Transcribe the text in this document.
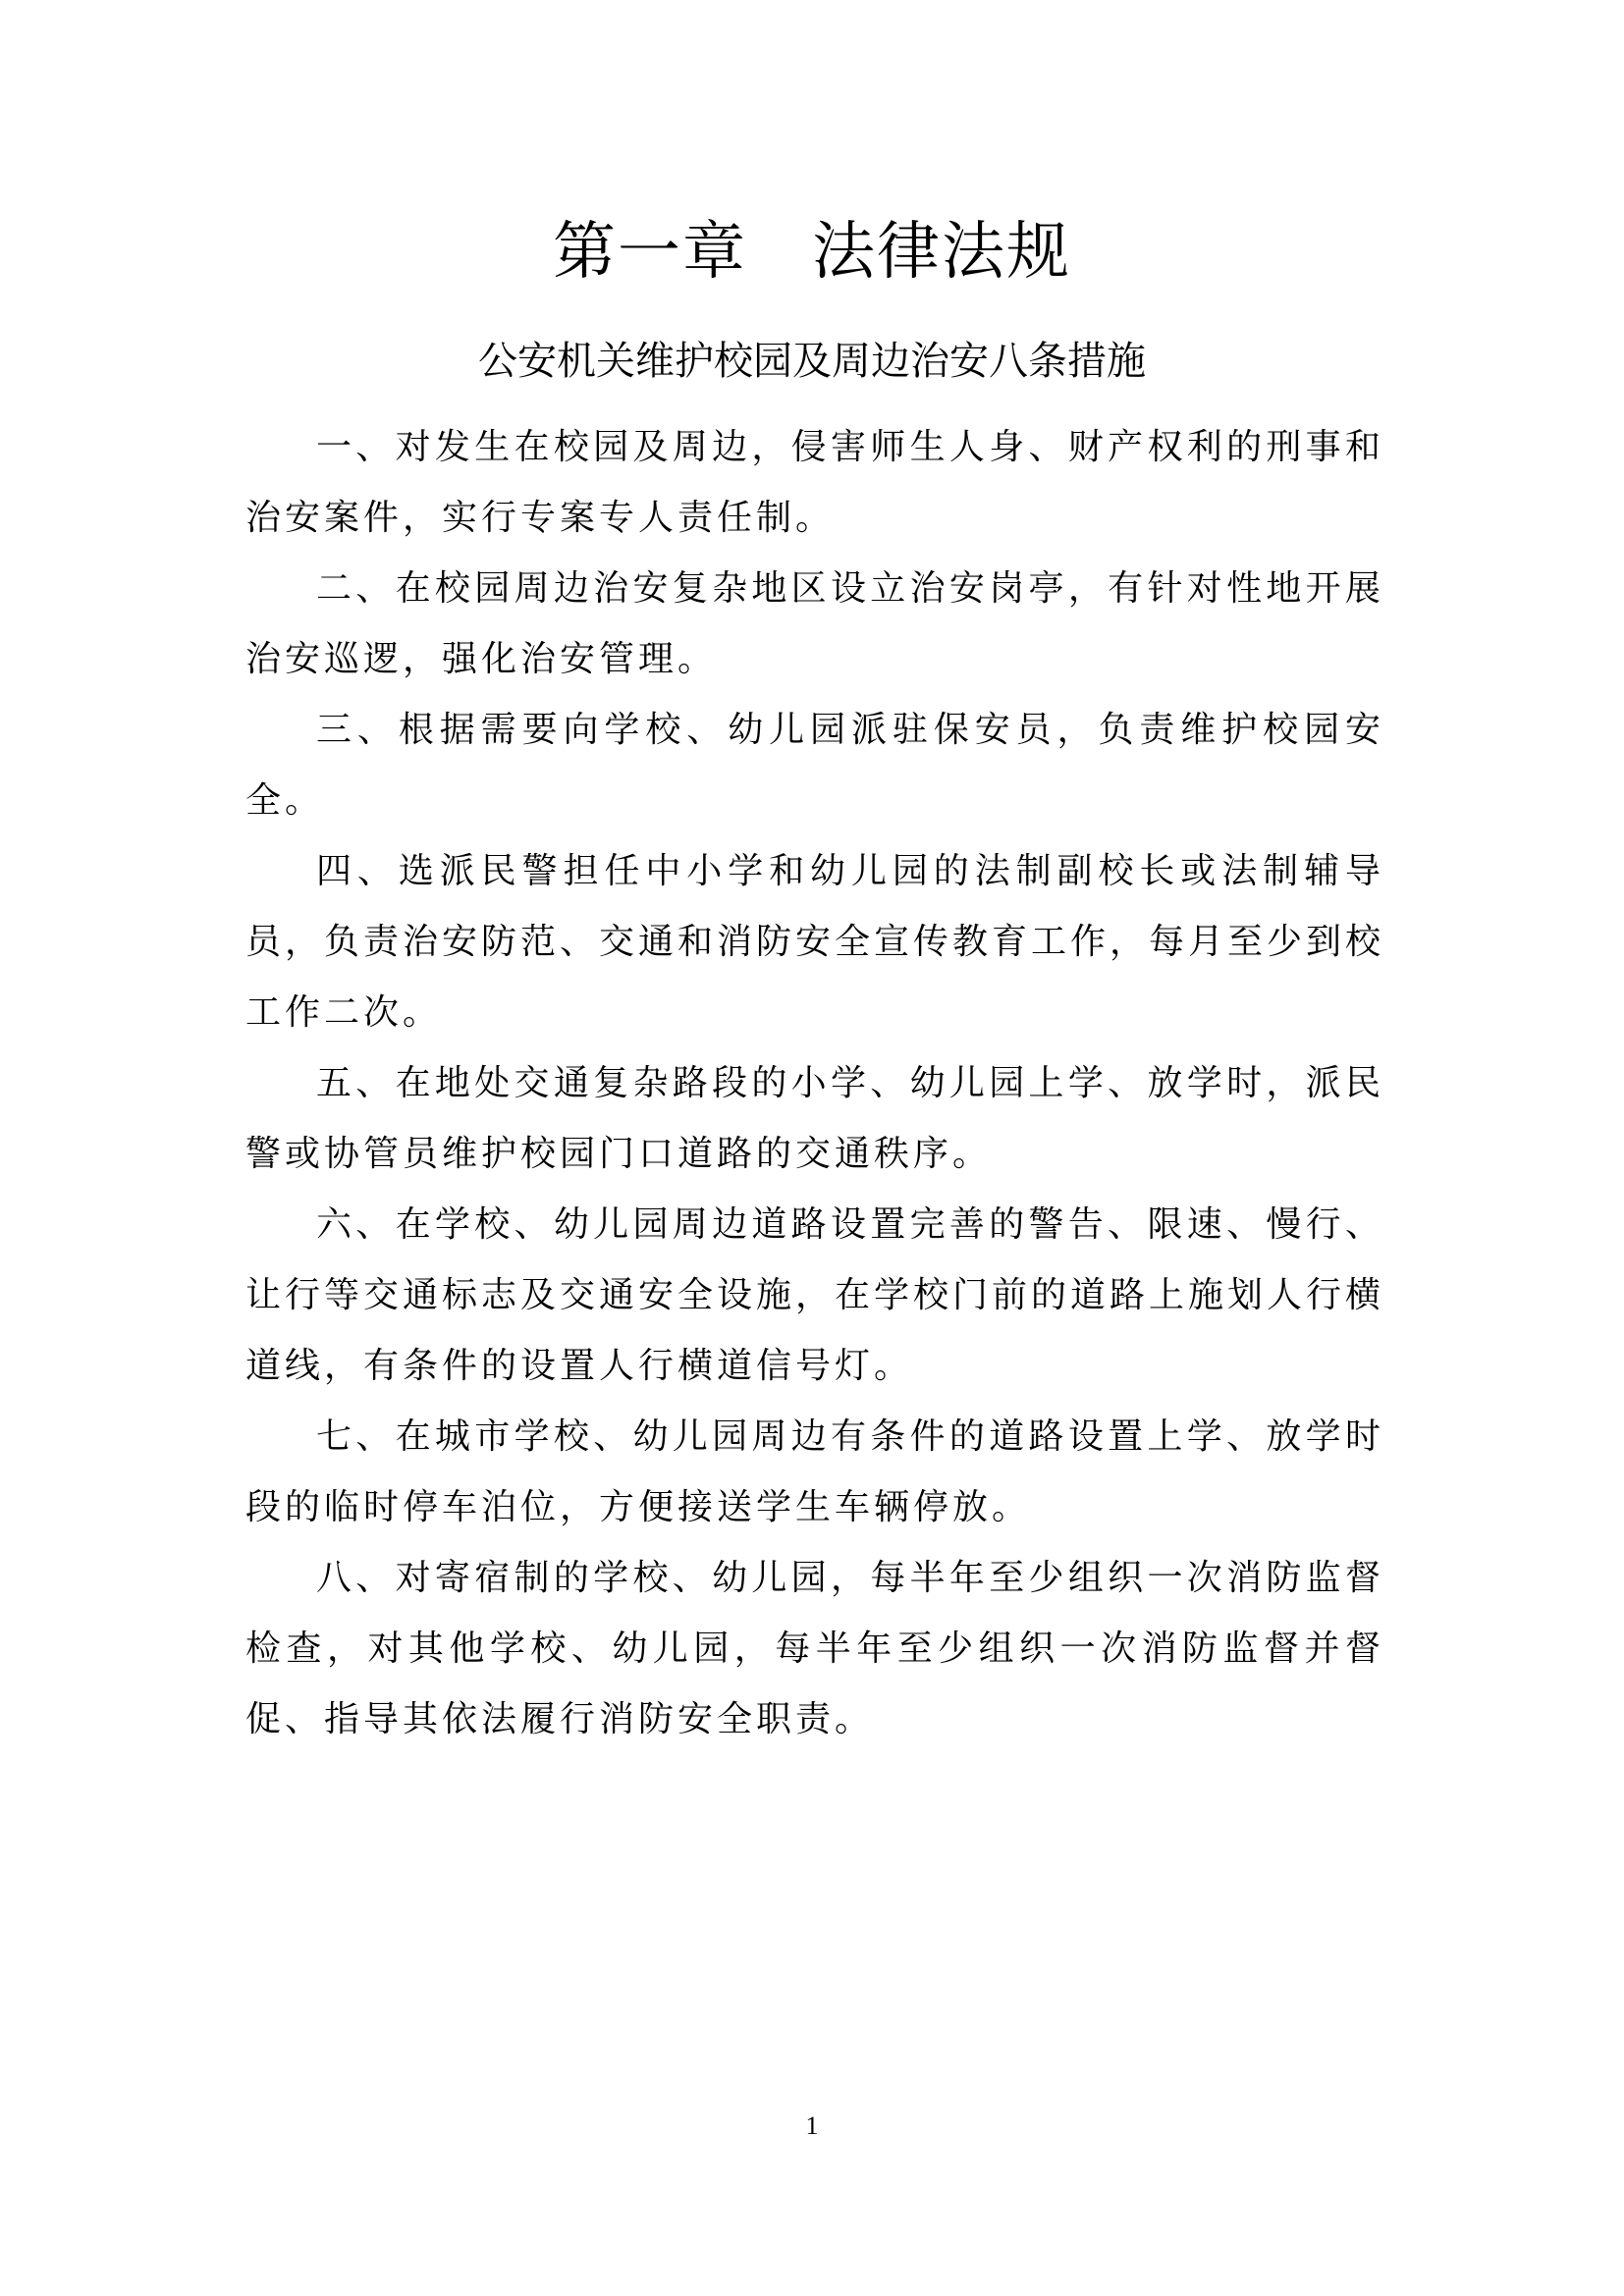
第一章　法律法规
公安机关维护校园及周边治安八条措施

一、对发生在校园及周边，侵害师生人身、财产权利的刑事和治安案件，实行专案专人责任制。

二、在校园周边治安复杂地区设立治安岗亭，有针对性地开展治安巡逻，强化治安管理。

三、根据需要向学校、幼儿园派驻保安员，负责维护校园安全。

四、选派民警担任中小学和幼儿园的法制副校长或法制辅导员，负责治安防范、交通和消防安全宣传教育工作，每月至少到校工作二次。

五、在地处交通复杂路段的小学、幼儿园上学、放学时，派民警或协管员维护校园门口道路的交通秩序。

六、在学校、幼儿园周边道路设置完善的警告、限速、慢行、让行等交通标志及交通安全设施，在学校门前的道路上施划人行横道线，有条件的设置人行横道信号灯。

七、在城市学校、幼儿园周边有条件的道路设置上学、放学时段的临时停车泊位，方便接送学生车辆停放。

八、对寄宿制的学校、幼儿园，每半年至少组织一次消防监督检查，对其他学校、幼儿园，每半年至少组织一次消防监督并督促、指导其依法履行消防安全职责。

1
